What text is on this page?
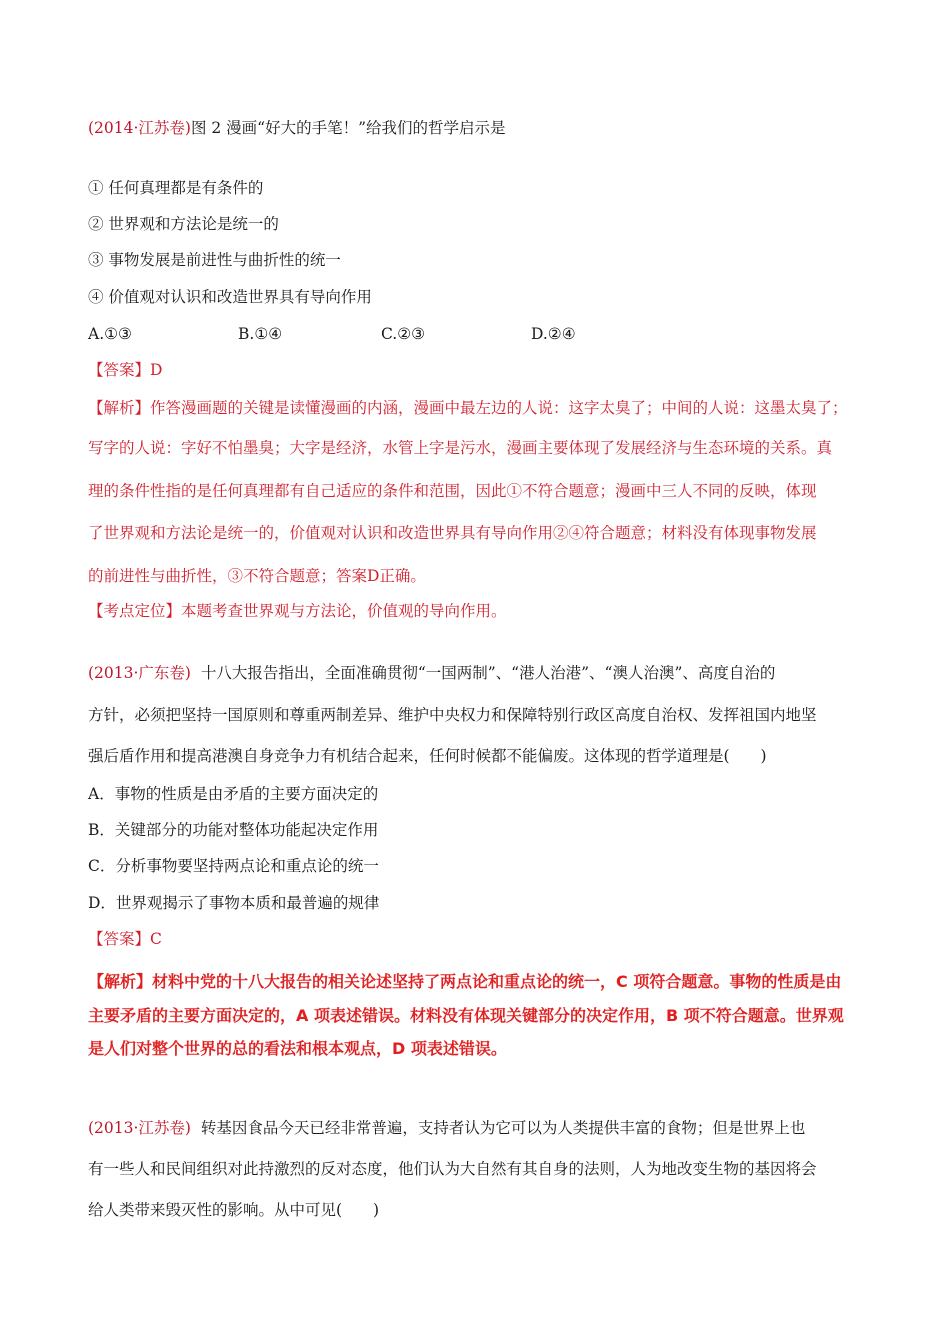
(2014·江苏卷)图 2 漫画“好大的手笔！”给我们的哲学启示是
① 任何真理都是有条件的
② 世界观和方法论是统一的
③ 事物发展是前进性与曲折性的统一
④ 价值观对认识和改造世界具有导向作用
A.①③	B.①④	C.②③	D.②④
【答案】D
【解析】作答漫画题的关键是读懂漫画的内涵，漫画中最左边的人说：这字太臭了；中间的人说：这墨太臭了；
写字的人说：字好不怕墨臭；大字是经济，水管上字是污水，漫画主要体现了发展经济与生态环境的关系。真
理的条件性指的是任何真理都有自己适应的条件和范围，因此①不符合题意；漫画中三人不同的反映，体现
了世界观和方法论是统一的，价值观对认识和改造世界具有导向作用②④符合题意；材料没有体现事物发展
的前进性与曲折性，③不符合题意；答案D正确。
【考点定位】本题考查世界观与方法论，价值观的导向作用。
(2013·广东卷) 十八大报告指出，全面准确贯彻“一国两制”、“港人治港”、“澳人治澳”、高度自治的
方针，必须把坚持一国原则和尊重两制差异、维护中央权力和保障特别行政区高度自治权、发挥祖国内地坚
强后盾作用和提高港澳自身竞争力有机结合起来，任何时候都不能偏废。这体现的哲学道理是(　　)
A．事物的性质是由矛盾的主要方面决定的
B．关键部分的功能对整体功能起决定作用
C．分析事物要坚持两点论和重点论的统一
D．世界观揭示了事物本质和最普遍的规律
【答案】C
【解析】材料中党的十八大报告的相关论述坚持了两点论和重点论的统一，C 项符合题意。事物的性质是由
主要矛盾的主要方面决定的，A 项表述错误。材料没有体现关键部分的决定作用，B 项不符合题意。世界观
是人们对整个世界的总的看法和根本观点，D 项表述错误。
(2013·江苏卷) 转基因食品今天已经非常普遍，支持者认为它可以为人类提供丰富的食物；但是世界上也
有一些人和民间组织对此持激烈的反对态度，他们认为大自然有其自身的法则，人为地改变生物的基因将会
给人类带来毁灭性的影响。从中可见(　　)
